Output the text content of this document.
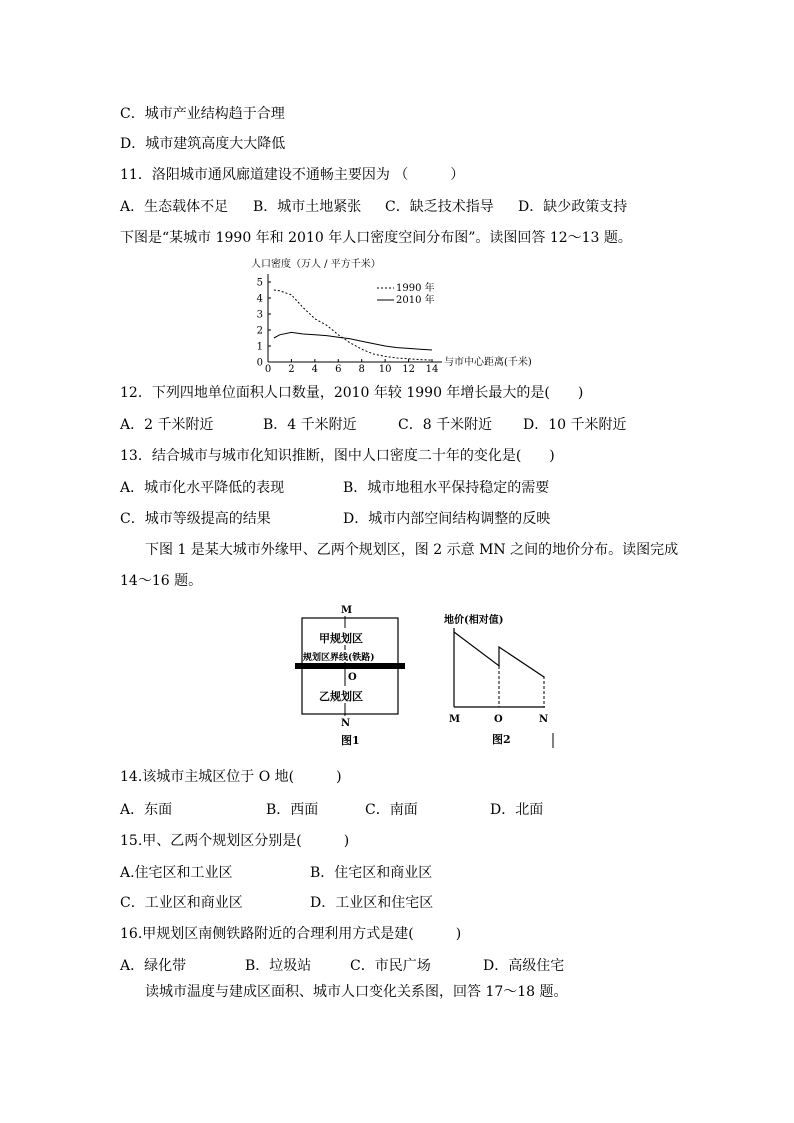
C．城市产业结构趋于合理
D．城市建筑高度大大降低
11．洛阳城市通风廊道建设不通畅主要因为 （　　　）
A．生态载体不足 B．城市土地紧张 C．缺乏技术指导 D．缺少政策支持
下图是“某城市 1990 年和 2010 年人口密度空间分布图”。读图回答 12～13 题。
人口密度（万人 / 平方千米）
0 2 4 6 8 10 12 14
0
1
2
3
4
5
与市中心距离(千米)
1990 年
2010 年
12．下列四地单位面积人口数量，2010 年较 1990 年增长最大的是(　　)
A．2 千米附近	B．4 千米附近	C．8 千米附近 D．10 千米附近
13．结合城市与城市化知识推断，图中人口密度二十年的变化是(　　)
A．城市化水平降低的表现	B．城市地租水平保持稳定的需要
C．城市等级提高的结果	D．城市内部空间结构调整的反映
下图 1 是某大城市外缘甲、乙两个规划区，图 2 示意 MN 之间的地价分布。读图完成
14～16 题。
M
甲规划区
规划区界线(铁路)
O
乙规划区
N
图1
地价(相对值)
M	O	N
图2
14.该城市主城区位于 O 地(　　　)
A．东面	B．西面	C．南面	D．北面
15.甲、乙两个规划区分别是(　　　)
A.住宅区和工业区	B．住宅区和商业区
C．工业区和商业区	D．工业区和住宅区
16.甲规划区南侧铁路附近的合理利用方式是建(　　　)
A．绿化带	B．垃圾站	C．市民广场	D．高级住宅
读城市温度与建成区面积、城市人口变化关系图，回答 17～18 题。
